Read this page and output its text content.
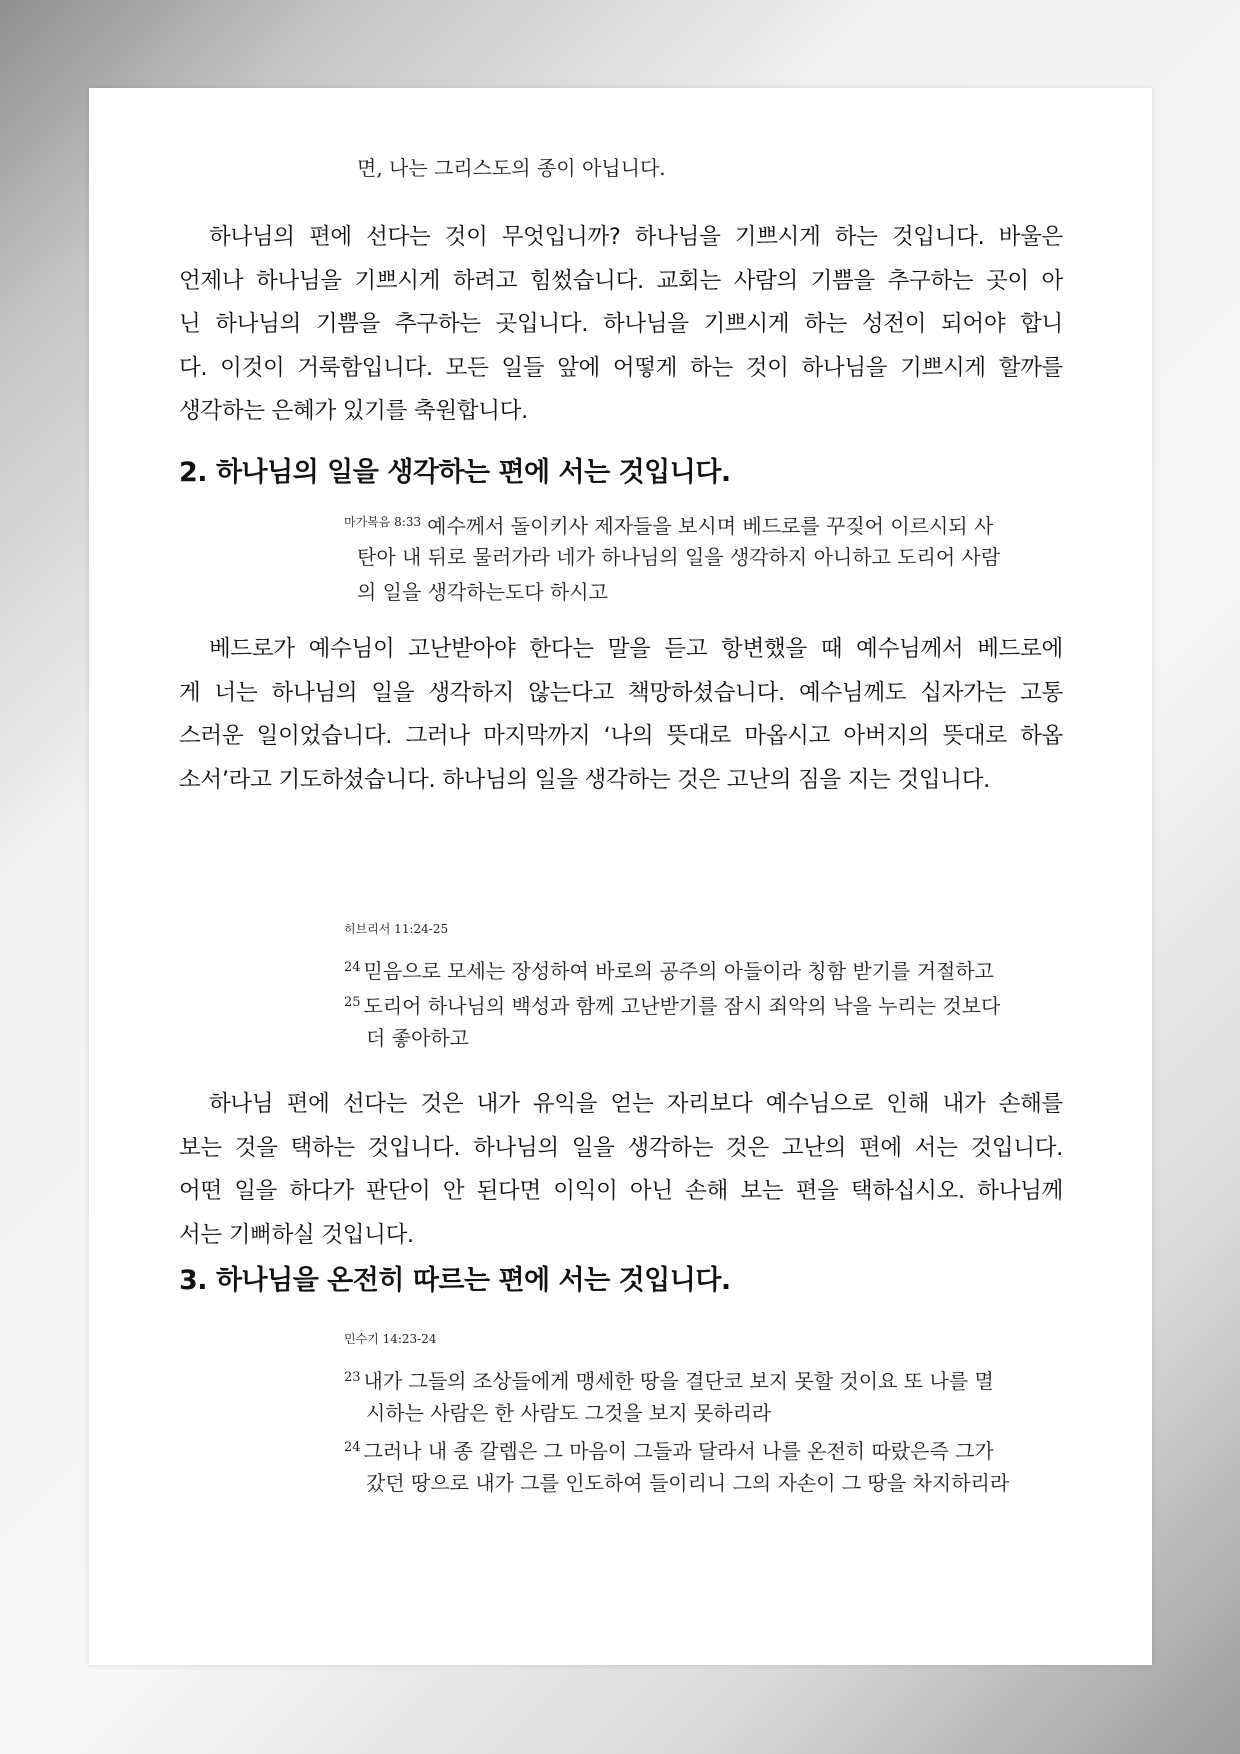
면, 나는 그리스도의 종이 아닙니다.
하나님의 편에 선다는 것이 무엇입니까? 하나님을 기쁘시게 하는 것입니다. 바울은
언제나 하나님을 기쁘시게 하려고 힘썼습니다. 교회는 사람의 기쁨을 추구하는 곳이 아
닌 하나님의 기쁨을 추구하는 곳입니다. 하나님을 기쁘시게 하는 성전이 되어야 합니
다. 이것이 거룩함입니다. 모든 일들 앞에 어떻게 하는 것이 하나님을 기쁘시게 할까를
생각하는 은혜가 있기를 축원합니다.
2. 하나님의 일을 생각하는 편에 서는 것입니다.
$^{마가복음 8:33}$ 예수께서 돌이키사 제자들을 보시며 베드로를 꾸짖어 이르시되 사
탄아 내 뒤로 물러가라 네가 하나님의 일을 생각하지 아니하고 도리어 사람
의 일을 생각하는도다 하시고
베드로가 예수님이 고난받아야 한다는 말을 듣고 항변했을 때 예수님께서 베드로에
게 너는 하나님의 일을 생각하지 않는다고 책망하셨습니다. 예수님께도 십자가는 고통
스러운 일이었습니다. 그러나 마지막까지 ‘나의 뜻대로 마옵시고 아버지의 뜻대로 하옵
소서’라고 기도하셨습니다. 하나님의 일을 생각하는 것은 고난의 짐을 지는 것입니다.
히브리서 11:24-25
$^{24}$ 믿음으로 모세는 장성하여 바로의 공주의 아들이라 칭함 받기를 거절하고
$^{25}$ 도리어 하나님의 백성과 함께 고난받기를 잠시 죄악의 낙을 누리는 것보다
더 좋아하고
하나님 편에 선다는 것은 내가 유익을 얻는 자리보다 예수님으로 인해 내가 손해를
보는 것을 택하는 것입니다. 하나님의 일을 생각하는 것은 고난의 편에 서는 것입니다.
어떤 일을 하다가 판단이 안 된다면 이익이 아닌 손해 보는 편을 택하십시오. 하나님께
서는 기뻐하실 것입니다.
3. 하나님을 온전히 따르는 편에 서는 것입니다.
민수기 14:23-24
$^{23}$ 내가 그들의 조상들에게 맹세한 땅을 결단코 보지 못할 것이요 또 나를 멸
시하는 사람은 한 사람도 그것을 보지 못하리라
$^{24}$ 그러나 내 종 갈렙은 그 마음이 그들과 달라서 나를 온전히 따랐은즉 그가
갔던 땅으로 내가 그를 인도하여 들이리니 그의 자손이 그 땅을 차지하리라
